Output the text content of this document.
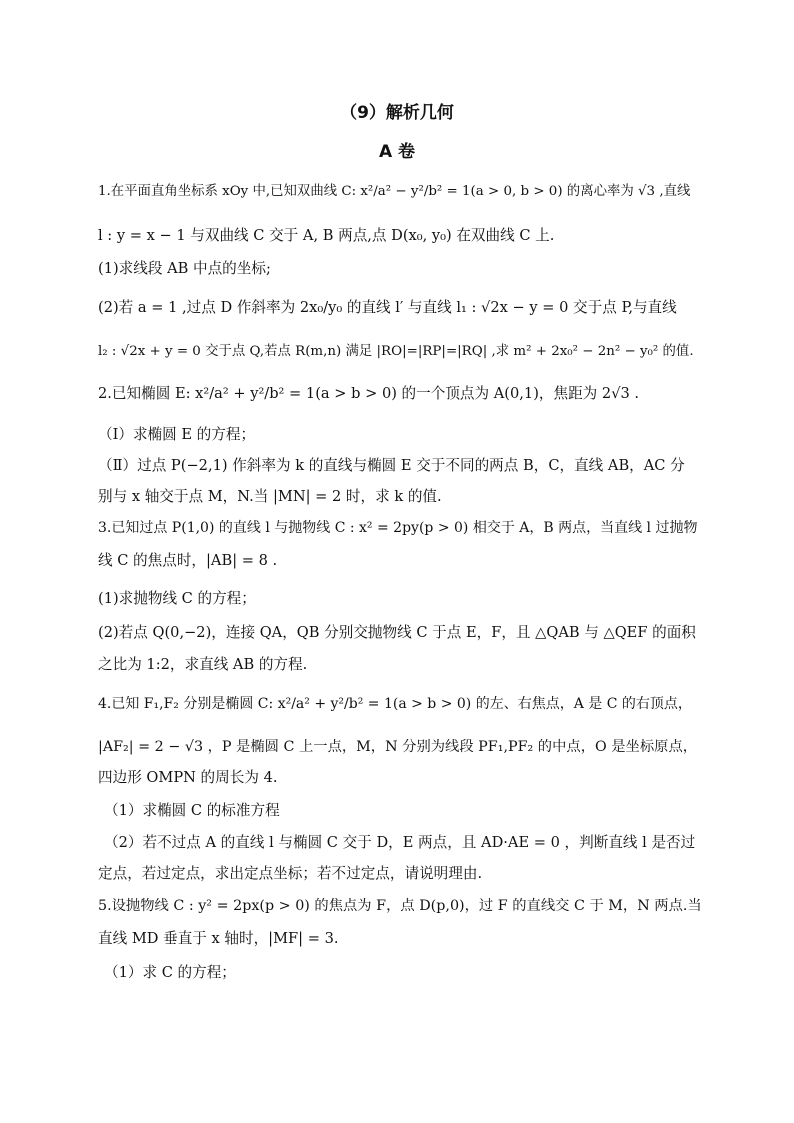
（9）解析几何
A 卷
1.在平面直角坐标系 xOy 中,已知双曲线 C: x²/a² − y²/b² = 1(a > 0, b > 0) 的离心率为 √3 ,直线
l : y = x − 1 与双曲线 C 交于 A, B 两点,点 D(x₀, y₀) 在双曲线 C 上.
(1)求线段 AB 中点的坐标;
(2)若 a = 1 ,过点 D 作斜率为 2x₀/y₀ 的直线 l′ 与直线 l₁ : √2x − y = 0 交于点 P,与直线
l₂ : √2x + y = 0 交于点 Q,若点 R(m,n) 满足 |RO|=|RP|=|RQ| ,求 m² + 2x₀² − 2n² − y₀² 的值.
2.已知椭圆 E: x²/a² + y²/b² = 1(a > b > 0) 的一个顶点为 A(0,1)，焦距为 2√3 .
（Ⅰ）求椭圆 E 的方程；
（Ⅱ）过点 P(−2,1) 作斜率为 k 的直线与椭圆 E 交于不同的两点 B，C，直线 AB，AC 分
别与 x 轴交于点 M，N.当 |MN| = 2 时，求 k 的值.
3.已知过点 P(1,0) 的直线 l 与抛物线 C : x² = 2py(p > 0) 相交于 A，B 两点，当直线 l 过抛物
线 C 的焦点时，|AB| = 8 .
(1)求抛物线 C 的方程；
(2)若点 Q(0,−2)，连接 QA，QB 分别交抛物线 C 于点 E，F，且 △QAB 与 △QEF 的面积
之比为 1:2，求直线 AB 的方程.
4.已知 F₁,F₂ 分别是椭圆 C: x²/a² + y²/b² = 1(a > b > 0) 的左、右焦点，A 是 C 的右顶点，
|AF₂| = 2 − √3 ，P 是椭圆 C 上一点，M，N 分别为线段 PF₁,PF₂ 的中点，O 是坐标原点，
四边形 OMPN 的周长为 4.
（1）求椭圆 C 的标准方程
（2）若不过点 A 的直线 l 与椭圆 C 交于 D，E 两点，且 AD·AE = 0 ，判断直线 l 是否过
定点，若过定点，求出定点坐标；若不过定点，请说明理由.
5.设抛物线 C : y² = 2px(p > 0) 的焦点为 F，点 D(p,0)，过 F 的直线交 C 于 M，N 两点.当
直线 MD 垂直于 x 轴时，|MF| = 3.
（1）求 C 的方程；
